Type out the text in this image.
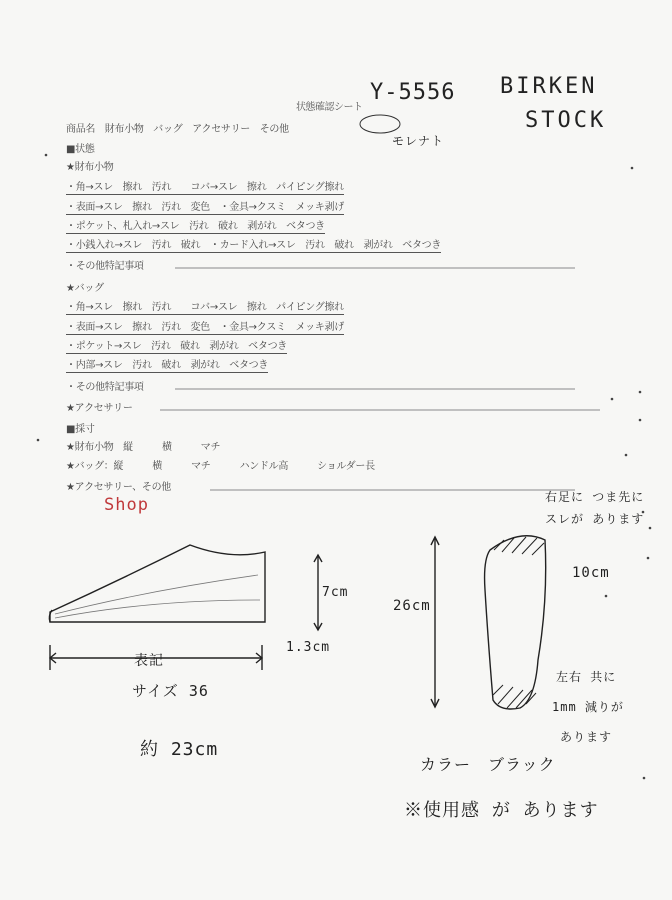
状態確認シート
商品名　財布小物　バッグ　アクセサリー　その他
■状態
★財布小物
・角→スレ　擦れ　汚れ　　コバ→スレ　擦れ　パイピング擦れ
・表面→スレ　擦れ　汚れ　変色　・金具→クスミ　メッキ剥げ
・ポケット、札入れ→スレ　汚れ　破れ　剥がれ　ベタつき
・小銭入れ→スレ　汚れ　破れ　・カード入れ→スレ　汚れ　破れ　剥がれ　ベタつき
・その他特記事項
★バッグ
・角→スレ　擦れ　汚れ　　コバ→スレ　擦れ　パイピング擦れ
・表面→スレ　擦れ　汚れ　変色　・金具→クスミ　メッキ剥げ
・ポケット→スレ　汚れ　破れ　剥がれ　ベタつき
・内部→スレ　汚れ　破れ　剥がれ　ベタつき
・その他特記事項
★アクセサリー
■採寸
★財布小物　縦　　　横　　　マチ
★バッグ：縦　　　横　　　マチ　　　ハンドル高　　　ショルダー長
★アクセサリー、その他
Y-5556 BIRKEN
STOCK
モレナト
Shop
7cm
1.3cm
表記
サイズ 36
約 23cm
右足に つま先に
スレが あります
26cm
10cm
左右 共に
1mm 減りが
あります
カラー　ブラック
※使用感 が あります
